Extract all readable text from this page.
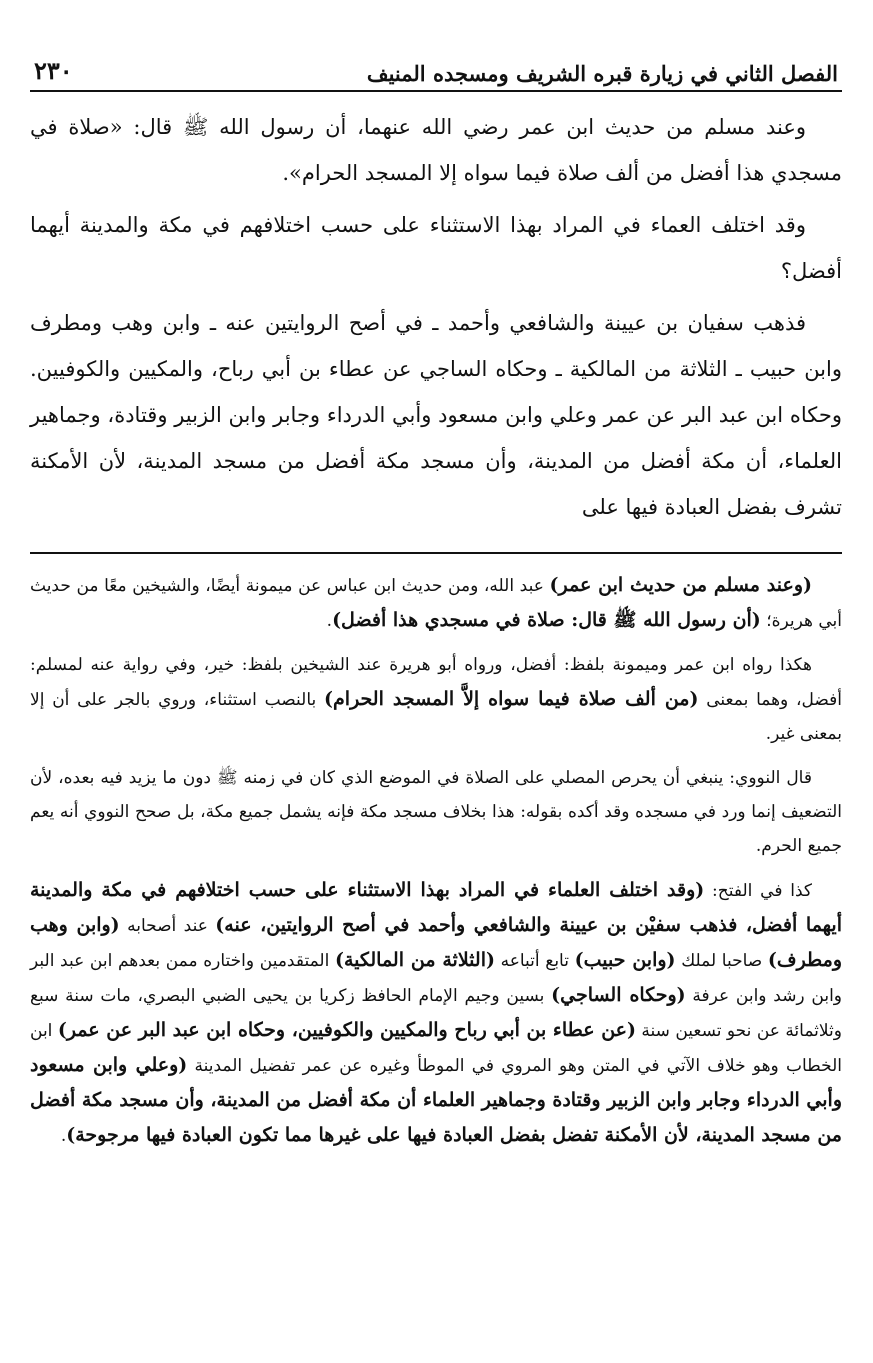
الفصل الثاني في زيارة قبره الشريف ومسجده المنيف
٢٣٠

وعند مسلم من حديث ابن عمر رضي الله عنهما، أن رسول الله ﷺ قال: «صلاة في مسجدي هذا أفضل من ألف صلاة فيما سواه إلا المسجد الحرام».

وقد اختلف العماء في المراد بهذا الاستثناء على حسب اختلافهم في مكة والمدينة أيهما أفضل؟

فذهب سفيان بن عيينة والشافعي وأحمد ـ في أصح الروايتين عنه ـ وابن وهب ومطرف وابن حبيب ـ الثلاثة من المالكية ـ وحكاه الساجي عن عطاء بن أبي رباح، والمكيين والكوفيين. وحكاه ابن عبد البر عن عمر وعلي وابن مسعود وأبي الدرداء وجابر وابن الزبير وقتادة، وجماهير العلماء، أن مكة أفضل من المدينة، وأن مسجد مكة أفضل من مسجد المدينة، لأن الأمكنة تشرف بفضل العبادة فيها على

(وعند مسلم من حديث ابن عمر) عبد الله، ومن حديث ابن عباس عن ميمونة أيضًا، والشيخين معًا من حديث أبي هريرة؛ (أن رسول الله ﷺ قال: صلاة في مسجدي هذا أفضل).

هكذا رواه ابن عمر وميمونة بلفظ: أفضل، ورواه أبو هريرة عند الشيخين بلفظ: خير، وفي رواية عنه لمسلم: أفضل، وهما بمعنى (من ألف صلاة فيما سواه إلاَّ المسجد الحرام) بالنصب استثناء، وروي بالجر على أن إلا بمعنى غير.

قال النووي: ينبغي أن يحرص المصلي على الصلاة في الموضع الذي كان في زمنه ﷺ دون ما يزيد فيه بعده، لأن التضعيف إنما ورد في مسجده وقد أكده بقوله: هذا بخلاف مسجد مكة فإنه يشمل جميع مكة، بل صحح النووي أنه يعم جميع الحرم.

كذا في الفتح: (وقد اختلف العلماء في المراد بهذا الاستثناء على حسب اختلافهم في مكة والمدينة أيهما أفضل، فذهب سفيْن بن عيينة والشافعي وأحمد في أصح الروايتين، عنه) عند أصحابه (وابن وهب ومطرف) صاحبا لملك (وابن حبيب) تابع أتباعه (الثلاثة من المالكية) المتقدمين واختاره ممن بعدهم ابن عبد البر وابن رشد وابن عرفة (وحكاه الساجي) بسين وجيم الإمام الحافظ زكريا بن يحيى الضبي البصري، مات سنة سبع وثلاثمائة عن نحو تسعين سنة (عن عطاء بن أبي رباح والمكيين والكوفيين، وحكاه ابن عبد البر عن عمر) ابن الخطاب وهو خلاف الآتي في المتن وهو المروي في الموطأ وغيره عن عمر تفضيل المدينة (وعلي وابن مسعود وأبي الدرداء وجابر وابن الزبير وقتادة وجماهير العلماء أن مكة أفضل من المدينة، وأن مسجد مكة أفضل من مسجد المدينة، لأن الأمكنة تفضل بفضل العبادة فيها على غيرها مما تكون العبادة فيها مرجوحة).
